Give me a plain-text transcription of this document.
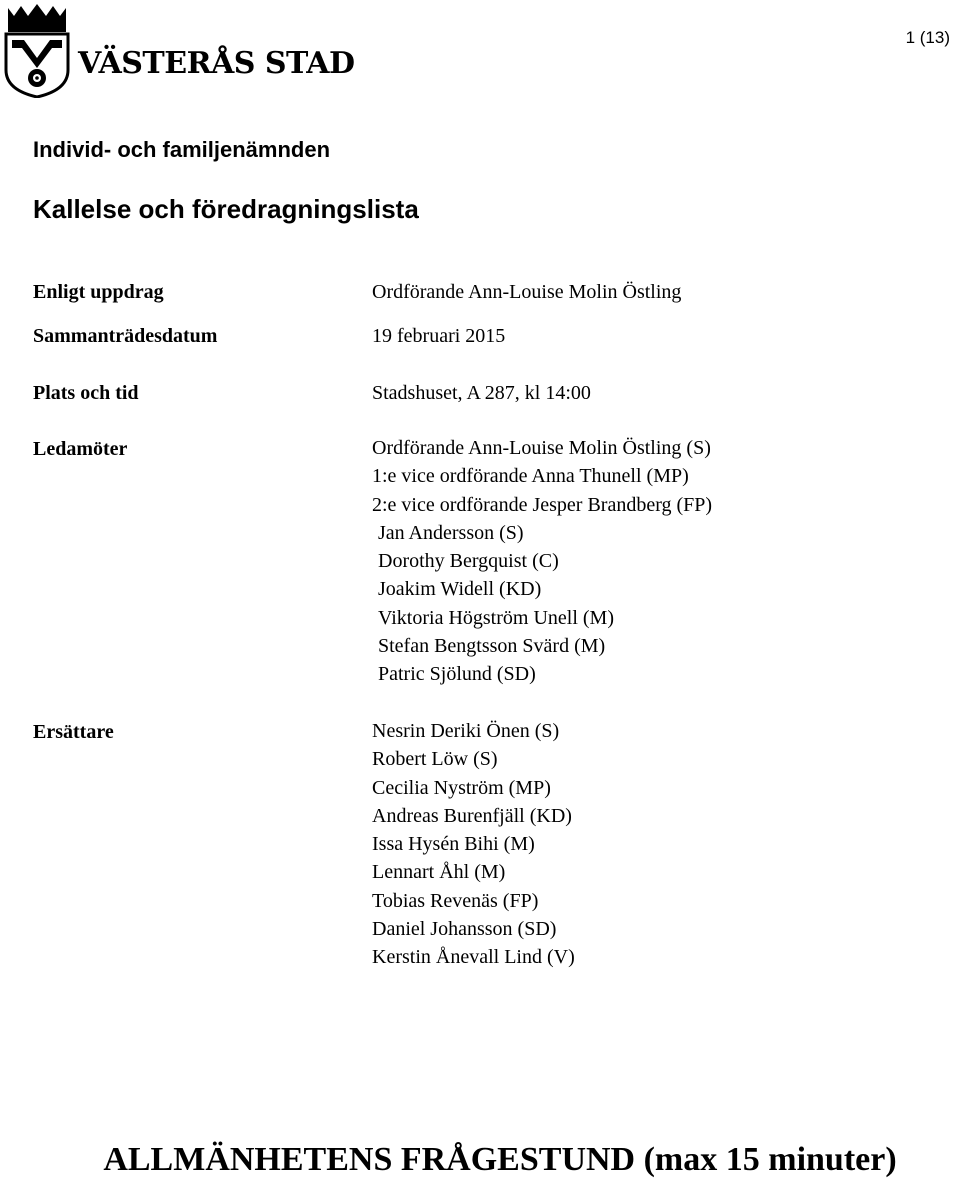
VÄSTERÅS STAD
1 (13)
Individ- och familjenämnden
Kallelse och föredragningslista
Enligt uppdrag	Ordförande Ann-Louise Molin Östling
Sammanträdesdatum	19 februari 2015
Plats och tid	Stadshuset, A 287, kl 14:00
Ledamöter	Ordförande Ann-Louise Molin Östling (S)
1:e vice ordförande Anna Thunell (MP)
2:e vice ordförande Jesper Brandberg (FP)
Jan Andersson (S)
Dorothy Bergquist (C)
Joakim Widell (KD)
Viktoria Högström Unell (M)
Stefan Bengtsson Svärd (M)
Patric Sjölund (SD)
Ersättare	Nesrin Deriki Önen (S)
Robert Löw (S)
Cecilia Nyström (MP)
Andreas Burenfjäll (KD)
Issa Hysén Bihi (M)
Lennart Åhl (M)
Tobias Revenäs (FP)
Daniel Johansson (SD)
Kerstin Ånevall Lind (V)
ALLMÄNHETENS FRÅGESTUND (max 15 minuter)
